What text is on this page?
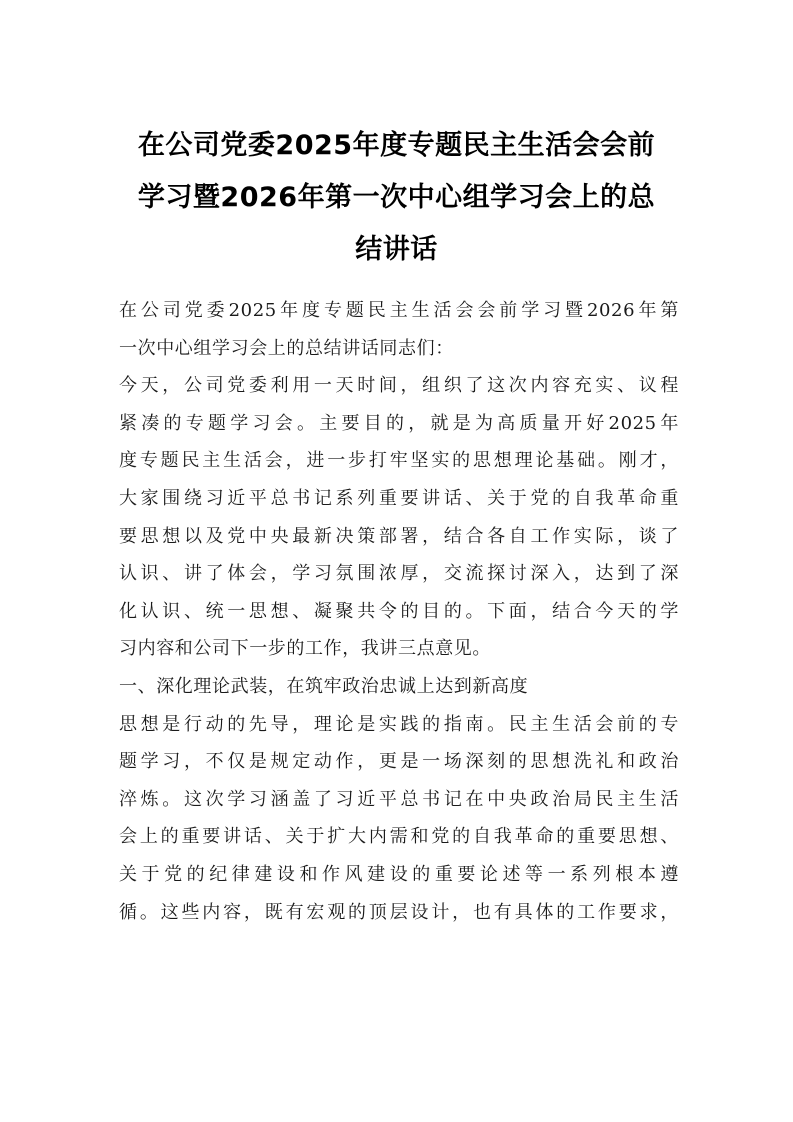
在公司党委2025年度专题民主生活会会前
学习暨2026年第一次中心组学习会上的总
结讲话
在公司党委2025年度专题民主生活会会前学习暨2026年第
一次中心组学习会上的总结讲话同志们：
今天，公司党委利用一天时间，组织了这次内容充实、议程
紧凑的专题学习会。主要目的，就是为高质量开好2025年
度专题民主生活会，进一步打牢坚实的思想理论基础。刚才，
大家围绕习近平总书记系列重要讲话、关于党的自我革命重
要思想以及党中央最新决策部署，结合各自工作实际，谈了
认识、讲了体会，学习氛围浓厚，交流探讨深入，达到了深
化认识、统一思想、凝聚共令的目的。下面，结合今天的学
习内容和公司下一步的工作，我讲三点意见。
一、深化理论武装，在筑牢政治忠诚上达到新高度
思想是行动的先导，理论是实践的指南。民主生活会前的专
题学习，不仅是规定动作，更是一场深刻的思想洗礼和政治
淬炼。这次学习涵盖了习近平总书记在中央政治局民主生活
会上的重要讲话、关于扩大内需和党的自我革命的重要思想、
关于党的纪律建设和作风建设的重要论述等一系列根本遵
循。这些内容，既有宏观的顶层设计，也有具体的工作要求，
